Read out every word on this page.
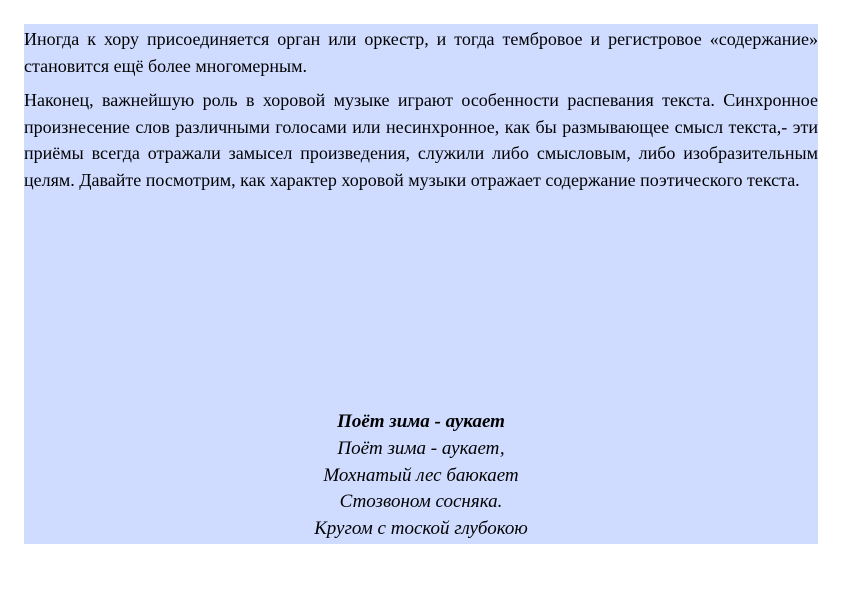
Иногда к хору присоединяется орган или оркестр, и тогда тембровое и регистровое «содержание» становится ещё более многомерным.

Наконец, важнейшую роль в хоровой музыке играют особенности распевания текста. Синхронное произнесение слов различными голосами или несинхронное, как бы размывающее смысл текста,- эти приёмы всегда отражали замысел произведения, служили либо смысловым, либо изобразительным целям. Давайте посмотрим, как характер хоровой музыки отражает содержание поэтического текста.

Поёт зима - аукает
Поёт зима - аукает,
Мохнатый лес баюкает
Стозвоном сосняка.
Кругом с тоской глубокою
